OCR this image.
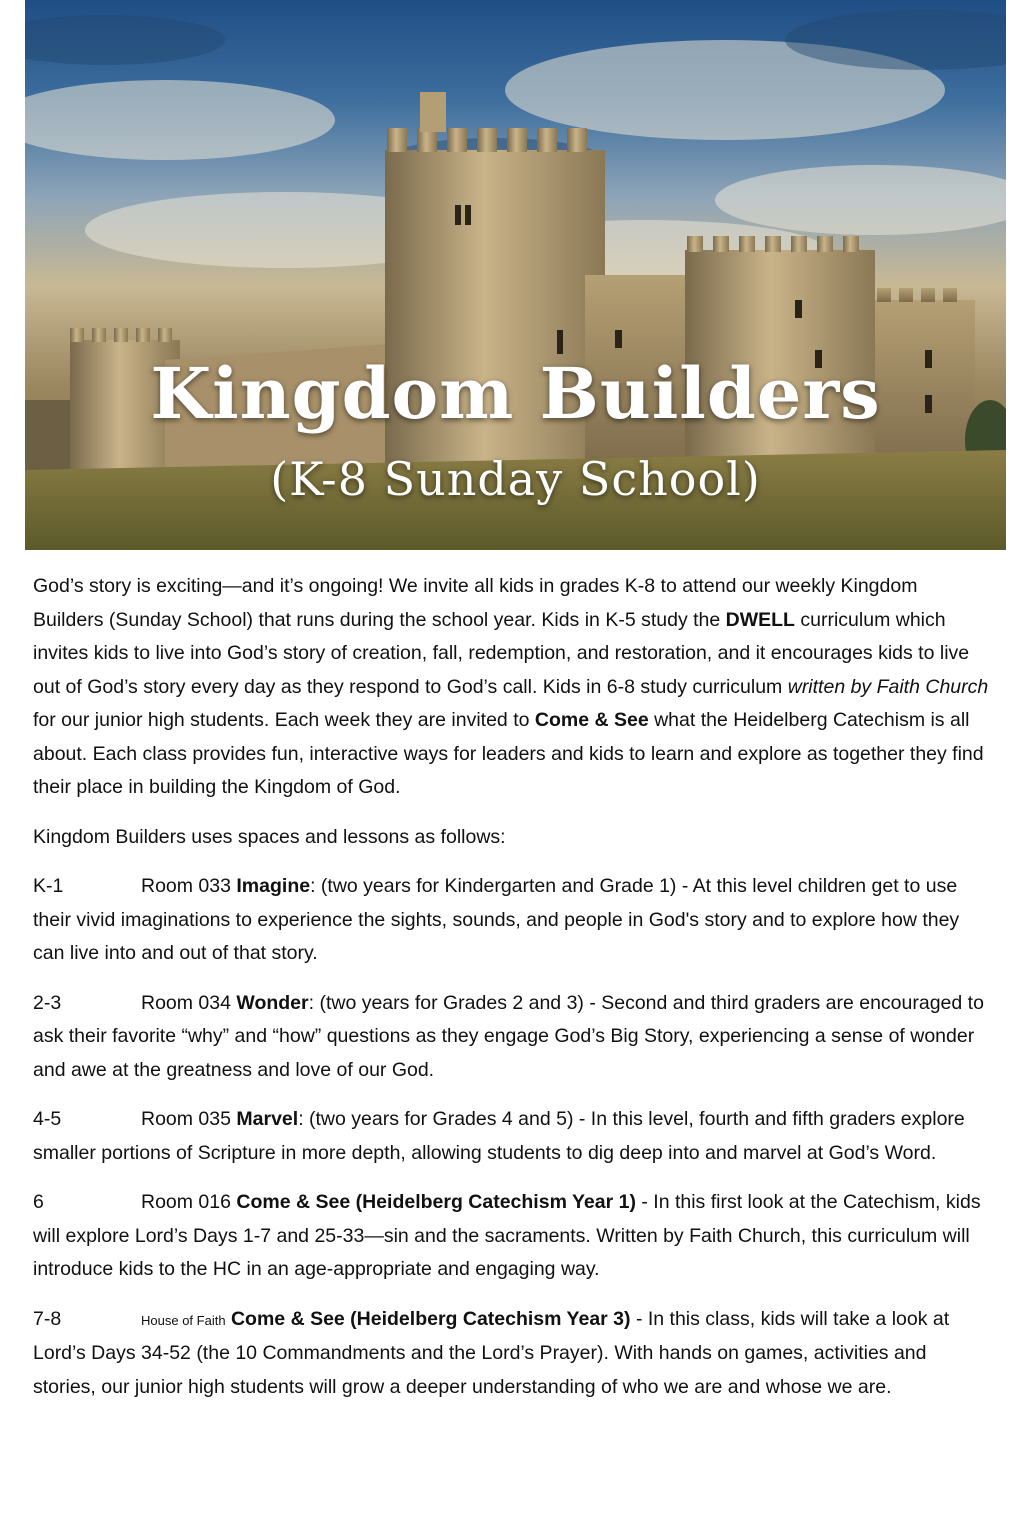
Kingdom Builders
(K-8 Sunday School)

God’s story is exciting—and it’s ongoing! We invite all kids in grades K-8 to attend our weekly Kingdom Builders (Sunday School) that runs during the school year. Kids in K-5 study the DWELL curriculum which invites kids to live into God’s story of creation, fall, redemption, and restoration, and it encourages kids to live out of God’s story every day as they respond to God’s call. Kids in 6-8 study curriculum written by Faith Church for our junior high students. Each week they are invited to Come & See what the Heidelberg Catechism is all about. Each class provides fun, interactive ways for leaders and kids to learn and explore as together they find their place in building the Kingdom of God.

Kingdom Builders uses spaces and lessons as follows:

K-1	Room 033 Imagine: (two years for Kindergarten and Grade 1) - At this level children get to use their vivid imaginations to experience the sights, sounds, and people in God's story and to explore how they can live into and out of that story.

2-3	Room 034 Wonder: (two years for Grades 2 and 3) - Second and third graders are encouraged to ask their favorite “why” and “how” questions as they engage God’s Big Story, experiencing a sense of wonder and awe at the greatness and love of our God.

4-5	Room 035 Marvel: (two years for Grades 4 and 5) - In this level, fourth and fifth graders explore smaller portions of Scripture in more depth, allowing students to dig deep into and marvel at God’s Word.

6	Room 016 Come & See (Heidelberg Catechism Year 1) - In this first look at the Catechism, kids will explore Lord’s Days 1-7 and 25-33—sin and the sacraments. Written by Faith Church, this curriculum will introduce kids to the HC in an age-appropriate and engaging way.

7-8	House of Faith Come & See (Heidelberg Catechism Year 3) - In this class, kids will take a look at Lord’s Days 34-52 (the 10 Commandments and the Lord’s Prayer). With hands on games, activities and stories, our junior high students will grow a deeper understanding of who we are and whose we are.
